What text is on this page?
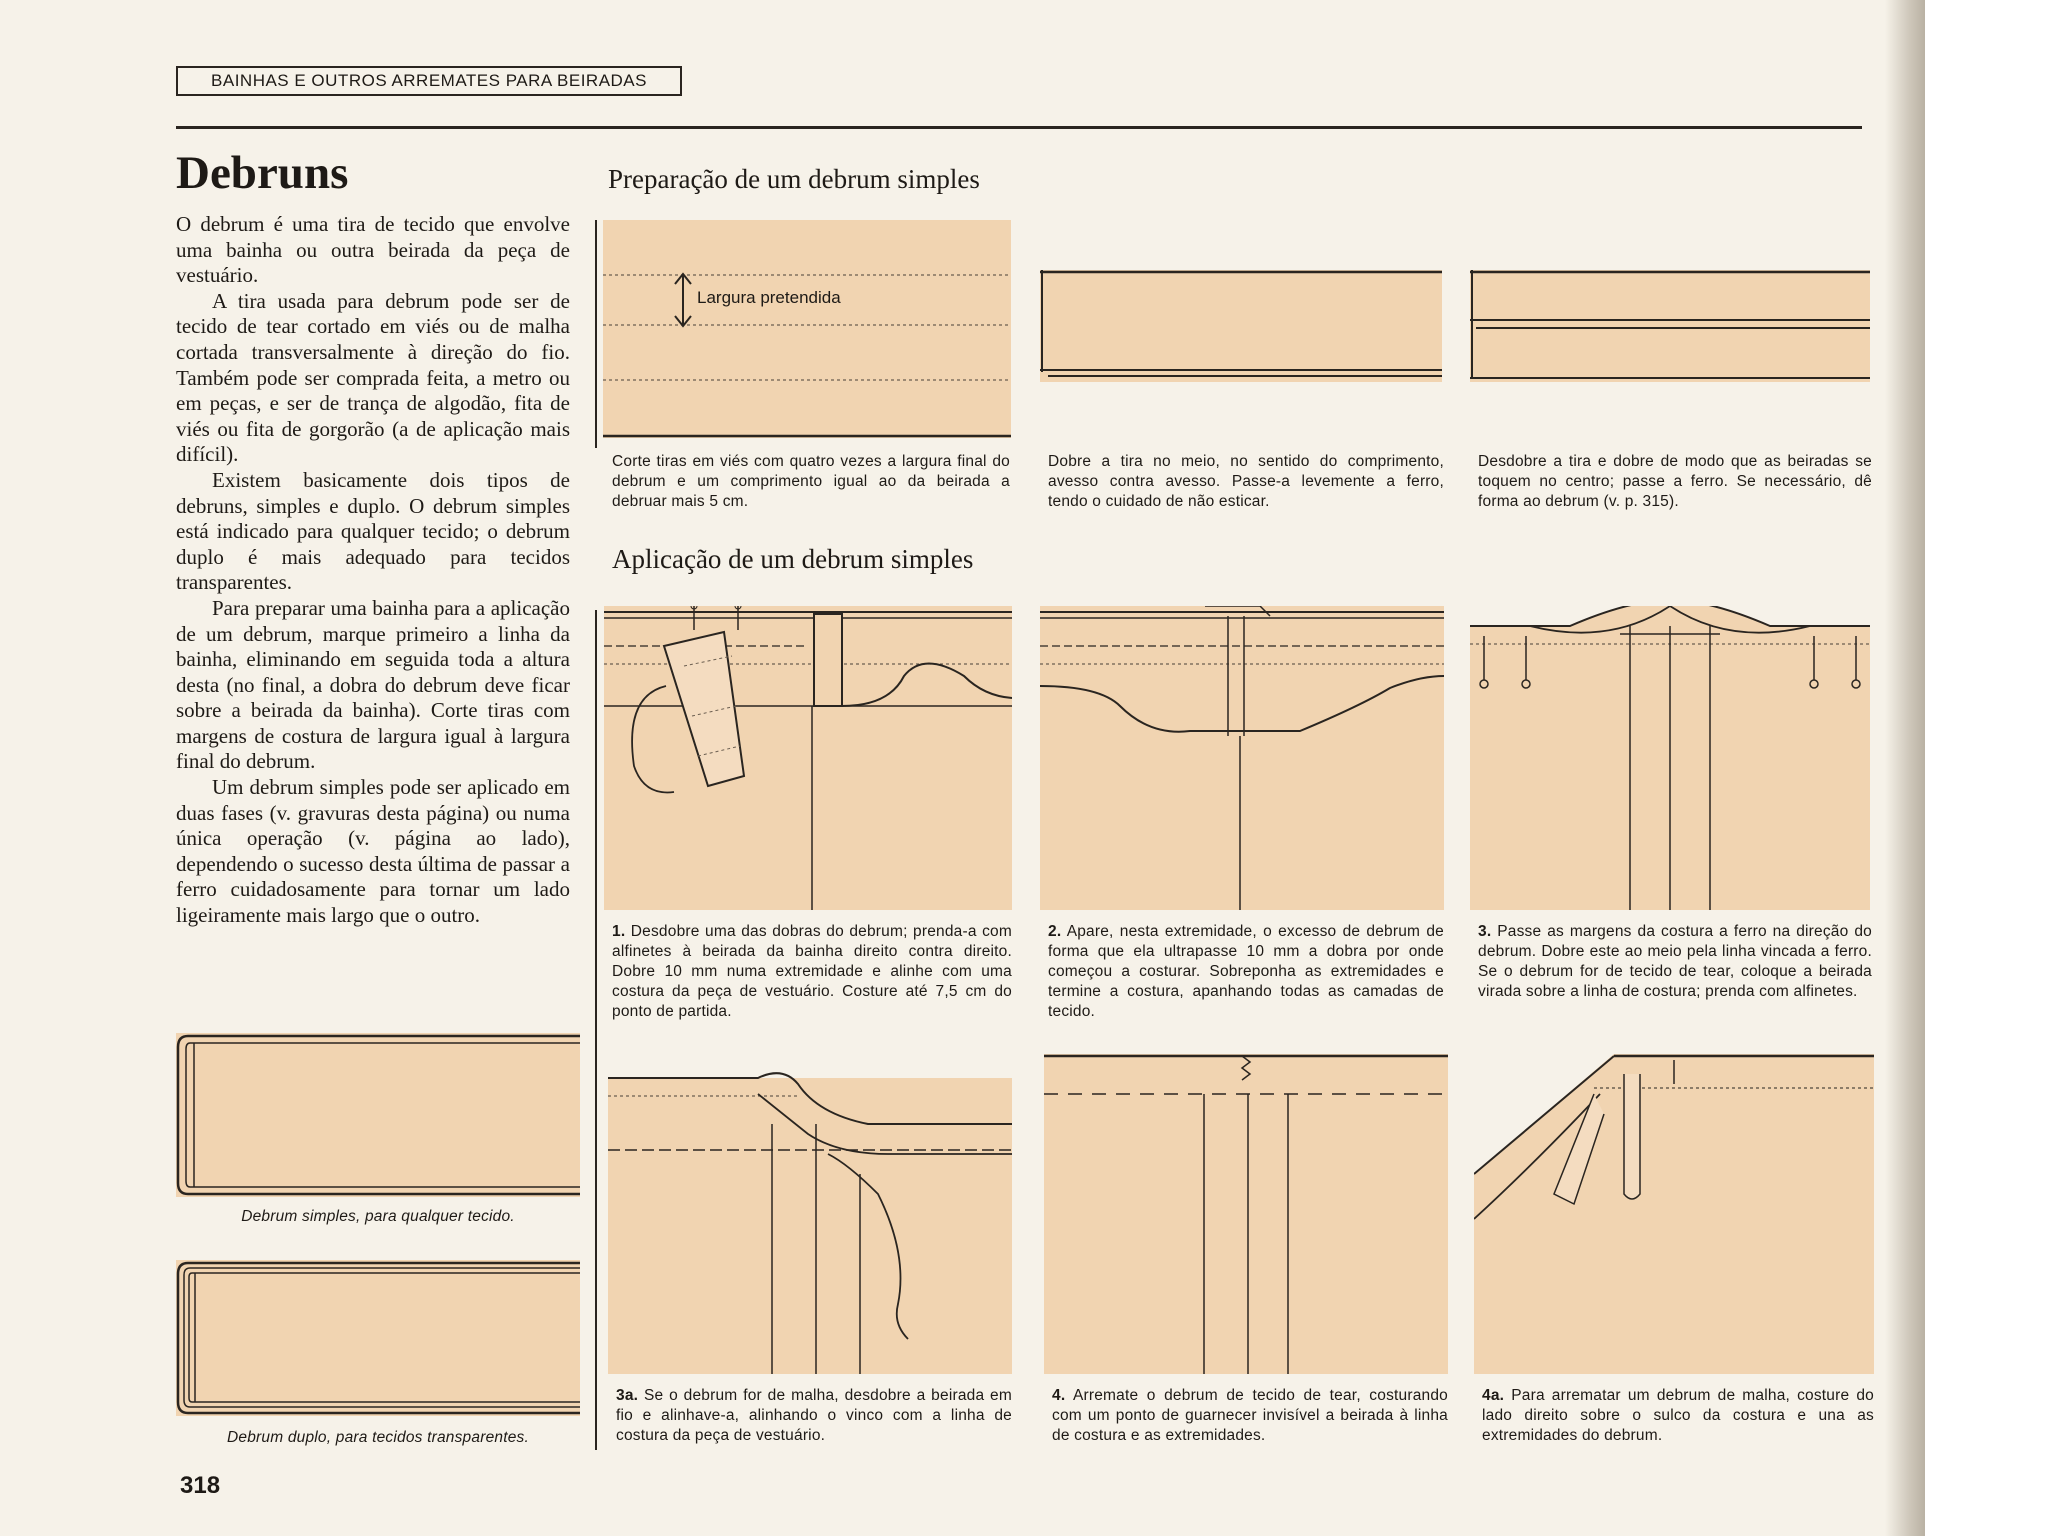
BAINHAS E OUTROS ARREMATES PARA BEIRADAS
Debruns

O debrum é uma tira de tecido que envolve uma bainha ou outra beirada da peça de vestuário.

A tira usada para debrum pode ser de tecido de tear cortado em viés ou de malha cortada transversalmente à direção do fio. Também pode ser comprada feita, a metro ou em peças, e ser de trança de algodão, fita de viés ou fita de gorgorão (a de aplicação mais difícil).

Existem basicamente dois tipos de debruns, simples e duplo. O debrum simples está indicado para qualquer tecido; o debrum duplo é mais adequado para tecidos transparentes.

Para preparar uma bainha para a aplicação de um debrum, marque primeiro a linha da bainha, eliminando em seguida toda a altura desta (no final, a dobra do debrum deve ficar sobre a beirada da bainha). Corte tiras com margens de costura de largura igual à largura final do debrum.

Um debrum simples pode ser aplicado em duas fases (v. gravuras desta página) ou numa única operação (v. página ao lado), dependendo o sucesso desta última de passar a ferro cuidadosamente para tornar um lado ligeiramente mais largo que o outro.

Debrum simples, para qualquer tecido.
Debrum duplo, para tecidos transparentes.
Preparação de um debrum simples
Largura pretendida
Corte tiras em viés com quatro vezes a largura final do debrum e um comprimento igual ao da beirada a debruar mais 5 cm.
Dobre a tira no meio, no sentido do comprimento, avesso contra avesso. Passe-a levemente a ferro, tendo o cuidado de não esticar.
Desdobre a tira e dobre de modo que as beiradas se toquem no centro; passe a ferro. Se necessário, dê forma ao debrum (v. p. 315).
Aplicação de um debrum simples
1. Desdobre uma das dobras do debrum; prenda-a com alfinetes à beirada da bainha direito contra direito. Dobre 10 mm numa extremidade e alinhe com uma costura da peça de vestuário. Costure até 7,5 cm do ponto de partida.
2. Apare, nesta extremidade, o excesso de debrum de forma que ela ultrapasse 10 mm a dobra por onde começou a costurar. Sobreponha as extremidades e termine a costura, apanhando todas as camadas de tecido.
3. Passe as margens da costura a ferro na direção do debrum. Dobre este ao meio pela linha vincada a ferro. Se o debrum for de tecido de tear, coloque a beirada virada sobre a linha de costura; prenda com alfinetes.
3a. Se o debrum for de malha, desdobre a beirada em fio e alinhave-a, alinhando o vinco com a linha de costura da peça de vestuário.
4. Arremate o debrum de tecido de tear, costurando com um ponto de guarnecer invisível a beirada à linha de costura e as extremidades.
4a. Para arrematar um debrum de malha, costure do lado direito sobre o sulco da costura e una as extremidades do debrum.
318
